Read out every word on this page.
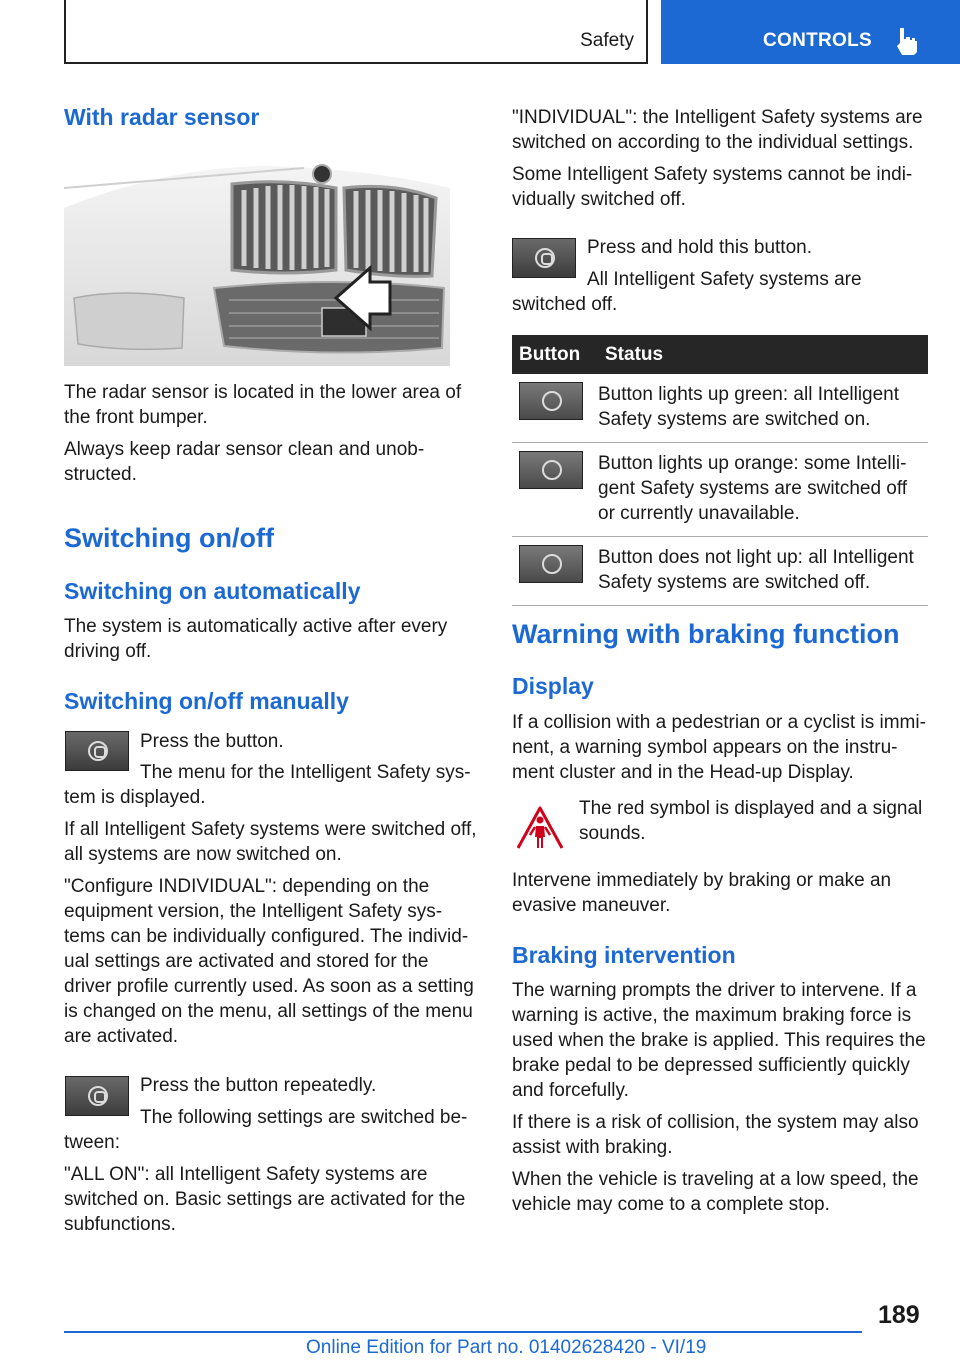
Safety	CONTROLS
With radar sensor
The radar sensor is located in the lower area of the front bumper.
Always keep radar sensor clean and unob-structed.
Switching on/off
Switching on automatically
The system is automatically active after every driving off.
Switching on/off manually
Press the button.
The menu for the Intelligent Safety sys-
tem is displayed.
If all Intelligent Safety systems were switched off, all systems are now switched on.
"Configure INDIVIDUAL": depending on the equipment version, the Intelligent Safety sys-tems can be individually configured. The individ-ual settings are activated and stored for the driver profile currently used. As soon as a setting is changed on the menu, all settings of the menu are activated.
Press the button repeatedly.
The following settings are switched be-
tween:
"ALL ON": all Intelligent Safety systems are switched on. Basic settings are activated for the subfunctions.
"INDIVIDUAL": the Intelligent Safety systems are switched on according to the individual settings.
Some Intelligent Safety systems cannot be indi-vidually switched off.
Press and hold this button.
All Intelligent Safety systems are
switched off.
Button	Status

	Button lights up green: all Intelligent Safety systems are switched on.

	Button lights up orange: some Intelli-gent Safety systems are switched off or currently unavailable.

	Button does not light up: all Intelligent Safety systems are switched off.
Warning with braking function
Display
If a collision with a pedestrian or a cyclist is immi-nent, a warning symbol appears on the instru-ment cluster and in the Head-up Display.
The red symbol is displayed and a signal
sounds.
Intervene immediately by braking or make an evasive maneuver.
Braking intervention
The warning prompts the driver to intervene. If a warning is active, the maximum braking force is used when the brake is applied. This requires the brake pedal to be depressed sufficiently quickly and forcefully.
If there is a risk of collision, the system may also assist with braking.
When the vehicle is traveling at a low speed, the vehicle may come to a complete stop.
189
Online Edition for Part no. 01402628420 - VI/19
